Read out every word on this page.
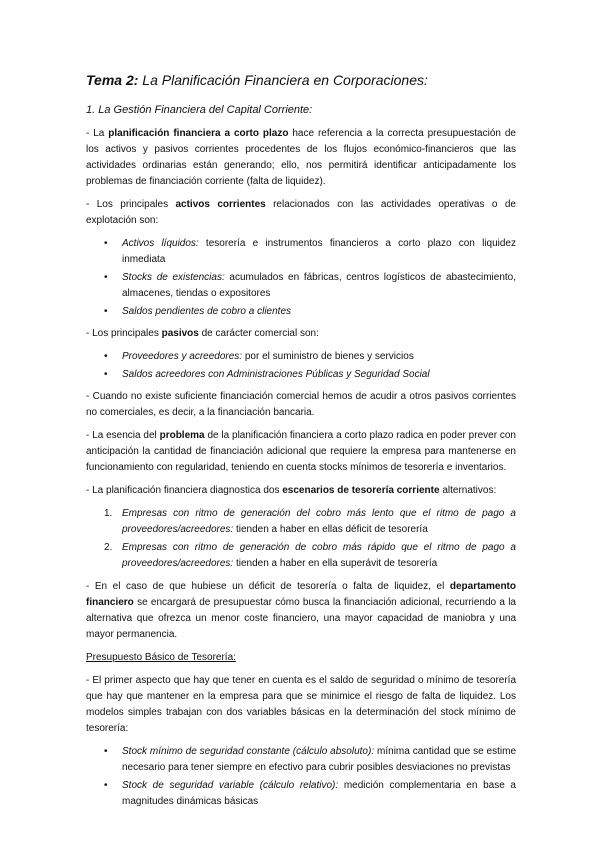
Tema 2: La Planificación Financiera en Corporaciones:
1. La Gestión Financiera del Capital Corriente:

- La planificación financiera a corto plazo hace referencia a la correcta presupuestación de los activos y pasivos corrientes procedentes de los flujos económico-financieros que las actividades ordinarias están generando; ello, nos permitirá identificar anticipadamente los problemas de financiación corriente (falta de liquidez).

- Los principales activos corrientes relacionados con las actividades operativas o de explotación son:

• Activos líquidos: tesorería e instrumentos financieros a corto plazo con liquidez inmediata
• Stocks de existencias: acumulados en fábricas, centros logísticos de abastecimiento, almacenes, tiendas o expositores
• Saldos pendientes de cobro a clientes

- Los principales pasivos de carácter comercial son:

• Proveedores y acreedores: por el suministro de bienes y servicios
• Saldos acreedores con Administraciones Públicas y Seguridad Social

- Cuando no existe suficiente financiación comercial hemos de acudir a otros pasivos corrientes no comerciales, es decir, a la financiación bancaria.

- La esencia del problema de la planificación financiera a corto plazo radica en poder prever con anticipación la cantidad de financiación adicional que requiere la empresa para mantenerse en funcionamiento con regularidad, teniendo en cuenta stocks mínimos de tesorería e inventarios.

- La planificación financiera diagnostica dos escenarios de tesorería corriente alternativos:

1. Empresas con ritmo de generación del cobro más lento que el ritmo de pago a proveedores/acreedores: tienden a haber en ellas déficit de tesorería
2. Empresas con ritmo de generación de cobro más rápido que el ritmo de pago a proveedores/acreedores: tienden a haber en ella superávit de tesorería

- En el caso de que hubiese un déficit de tesorería o falta de liquidez, el departamento financiero se encargará de presupuestar cómo busca la financiación adicional, recurriendo a la alternativa que ofrezca un menor coste financiero, una mayor capacidad de maniobra y una mayor permanencia.

Presupuesto Básico de Tesorería:

- El primer aspecto que hay que tener en cuenta es el saldo de seguridad o mínimo de tesorería que hay que mantener en la empresa para que se minimice el riesgo de falta de liquidez. Los modelos simples trabajan con dos variables básicas en la determinación del stock mínimo de tesorería:

• Stock mínimo de seguridad constante (cálculo absoluto): mínima cantidad que se estime necesario para tener siempre en efectivo para cubrir posibles desviaciones no previstas
• Stock de seguridad variable (cálculo relativo): medición complementaria en base a magnitudes dinámicas básicas
